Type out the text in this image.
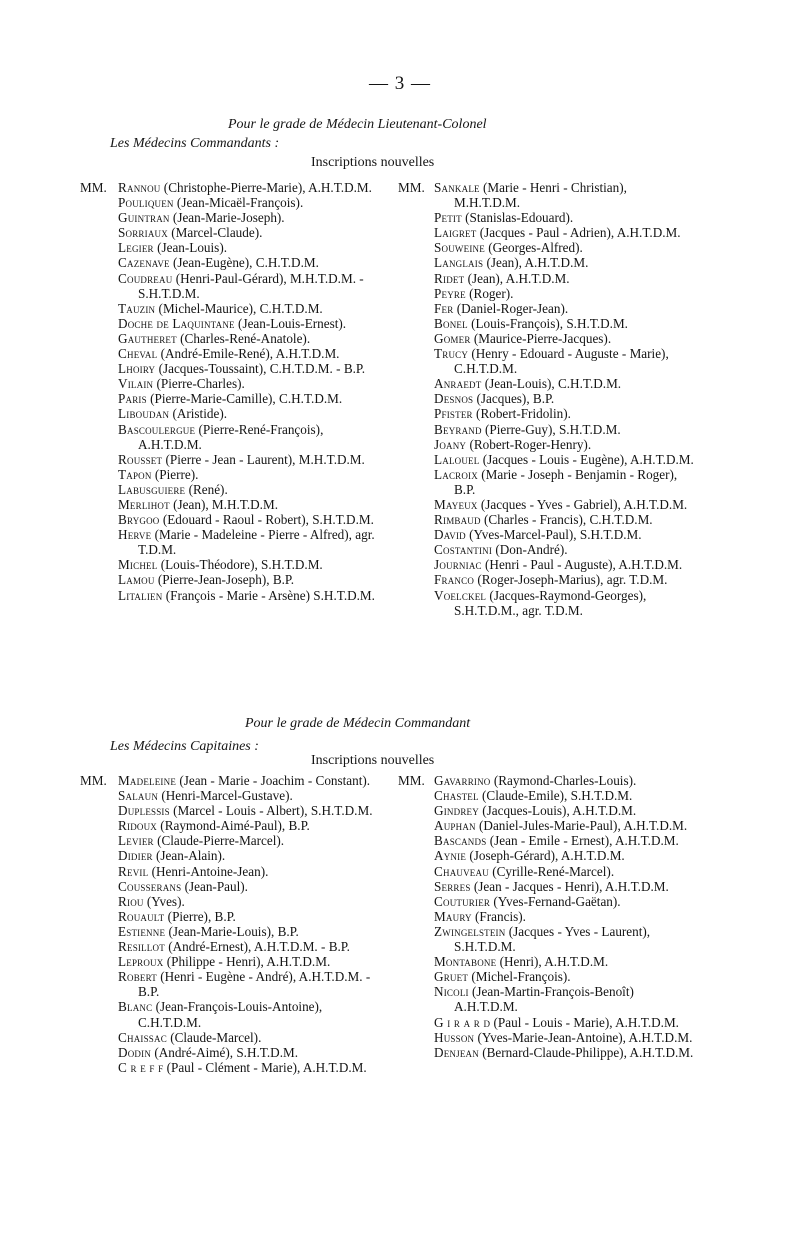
— 3 —
Pour le grade de Médecin Lieutenant-Colonel
Les Médecins Commandants :
Inscriptions nouvelles
MM. Rannou (Christophe-Pierre-Marie), A.H.T.D.M.

Pouliquen (Jean-Micaël-François).

Guintran (Jean-Marie-Joseph).

Sorriaux (Marcel-Claude).

Legier (Jean-Louis).

Cazenave (Jean-Eugène), C.H.T.D.M.

Coudreau (Henri-Paul-Gérard), M.H.T.D.M. - S.H.T.D.M.

Tauzin (Michel-Maurice), C.H.T.D.M.

Doche de Laquintane (Jean-Louis-Ernest).

Gautheret (Charles-René-Anatole).

Cheval (André-Emile-René), A.H.T.D.M.

Lhoiry (Jacques-Toussaint), C.H.T.D.M. - B.P.

Vilain (Pierre-Charles).

Paris (Pierre-Marie-Camille), C.H.T.D.M.

Liboudan (Aristide).

Bascoulergue (Pierre-René-François), A.H.T.D.M.

Rousset (Pierre - Jean - Laurent), M.H.T.D.M.

Tapon (Pierre).

Labusguiere (René).

Merlihot (Jean), M.H.T.D.M.

Brygoo (Edouard - Raoul - Robert), S.H.T.D.M.

Herve (Marie - Madeleine - Pierre - Alfred), agr. T.D.M.

Michel (Louis-Théodore), S.H.T.D.M.

Lamou (Pierre-Jean-Joseph), B.P.

Litalien (François - Marie - Arsène) S.H.T.D.M.

MM. Sankale (Marie - Henri - Christian), M.H.T.D.M.

Petit (Stanislas-Edouard).

Laigret (Jacques - Paul - Adrien), A.H.T.D.M.

Souweine (Georges-Alfred).

Langlais (Jean), A.H.T.D.M.

Ridet (Jean), A.H.T.D.M.

Peyre (Roger).

Fer (Daniel-Roger-Jean).

Bonel (Louis-François), S.H.T.D.M.

Gomer (Maurice-Pierre-Jacques).

Trucy (Henry - Edouard - Auguste - Marie), C.H.T.D.M.

Anraedt (Jean-Louis), C.H.T.D.M.

Desnos (Jacques), B.P.

Pfister (Robert-Fridolin).

Beyrand (Pierre-Guy), S.H.T.D.M.

Joany (Robert-Roger-Henry).

Lalouel (Jacques - Louis - Eugène), A.H.T.D.M.

Lacroix (Marie - Joseph - Benjamin - Roger), B.P.

Mayeux (Jacques - Yves - Gabriel), A.H.T.D.M.

Rimbaud (Charles - Francis), C.H.T.D.M.

David (Yves-Marcel-Paul), S.H.T.D.M.

Costantini (Don-André).

Journiac (Henri - Paul - Auguste), A.H.T.D.M.

Franco (Roger-Joseph-Marius), agr. T.D.M.

Voelckel (Jacques-Raymond-Georges), S.H.T.D.M., agr. T.D.M.

Pour le grade de Médecin Commandant
Les Médecins Capitaines :
Inscriptions nouvelles
MM. Madeleine (Jean - Marie - Joachim - Constant).

Salaun (Henri-Marcel-Gustave).

Duplessis (Marcel - Louis - Albert), S.H.T.D.M.

Ridoux (Raymond-Aimé-Paul), B.P.

Levier (Claude-Pierre-Marcel).

Didier (Jean-Alain).

Revil (Henri-Antoine-Jean).

Cousserans (Jean-Paul).

Riou (Yves).

Rouault (Pierre), B.P.

Estienne (Jean-Marie-Louis), B.P.

Resillot (André-Ernest), A.H.T.D.M. - B.P.

Leproux (Philippe - Henri), A.H.T.D.M.

Robert (Henri - Eugène - André), A.H.T.D.M. - B.P.

Blanc (Jean-François-Louis-Antoine), C.H.T.D.M.

Chaissac (Claude-Marcel).

Dodin (André-Aimé), S.H.T.D.M.

C r e f f (Paul - Clément - Marie), A.H.T.D.M.

MM. Gavarrino (Raymond-Charles-Louis).

Chastel (Claude-Emile), S.H.T.D.M.

Gindrey (Jacques-Louis), A.H.T.D.M.

Auphan (Daniel-Jules-Marie-Paul), A.H.T.D.M.

Bascands (Jean - Emile - Ernest), A.H.T.D.M.

Aynie (Joseph-Gérard), A.H.T.D.M.

Chauveau (Cyrille-René-Marcel).

Serres (Jean - Jacques - Henri), A.H.T.D.M.

Couturier (Yves-Fernand-Gaëtan).

Maury (Francis).

Zwingelstein (Jacques - Yves - Laurent), S.H.T.D.M.

Montabone (Henri), A.H.T.D.M.

Gruet (Michel-François).

Nicoli (Jean-Martin-François-Benoît) A.H.T.D.M.

G i r a r d (Paul - Louis - Marie), A.H.T.D.M.

Husson (Yves-Marie-Jean-Antoine), A.H.T.D.M.

Denjean (Bernard-Claude-Philippe), A.H.T.D.M.
